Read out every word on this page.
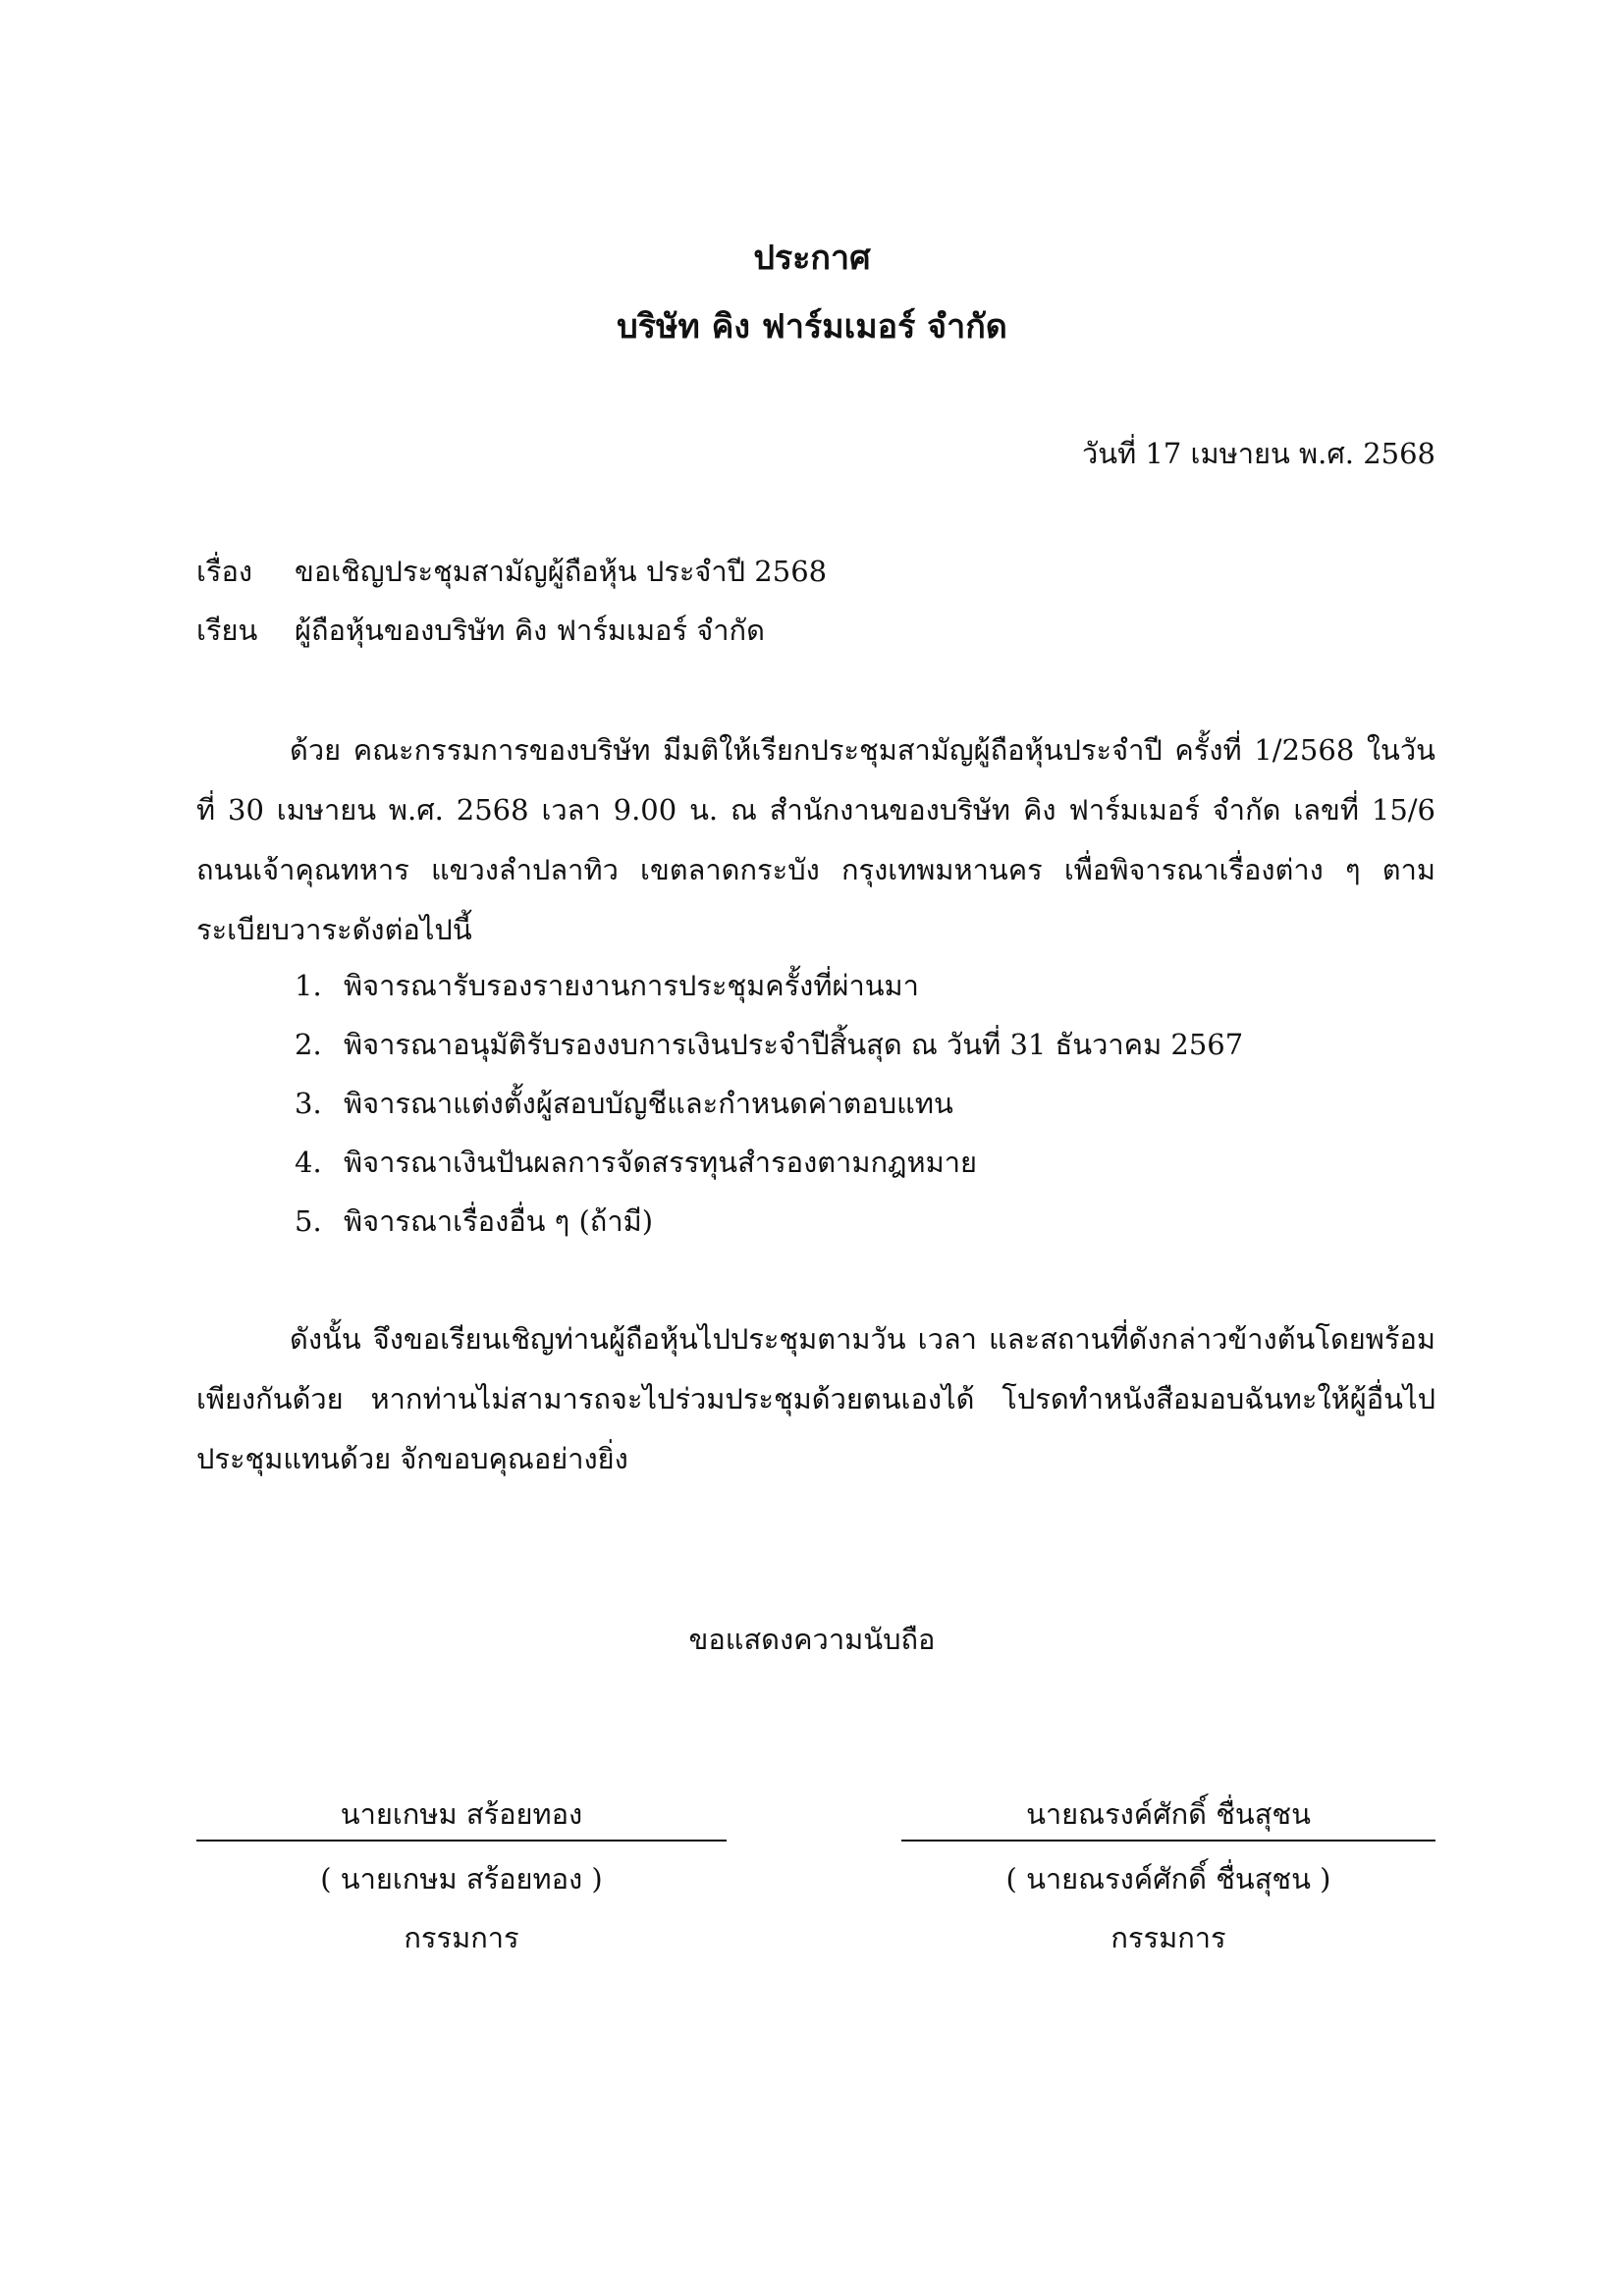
ประกาศ
บริษัท คิง ฟาร์มเมอร์ จำกัด
วันที่ 17 เมษายน พ.ศ. 2568
เรื่อง ขอเชิญประชุมสามัญผู้ถือหุ้น ประจำปี 2568
เรียน ผู้ถือหุ้นของบริษัท คิง ฟาร์มเมอร์ จำกัด
ด้วย คณะกรรมการของบริษัท มีมติให้เรียกประชุมสามัญผู้ถือหุ้นประจำปี ครั้งที่ 1/2568 ในวันที่ 30 เมษายน พ.ศ. 2568 เวลา 9.00 น. ณ สำนักงานของบริษัท คิง ฟาร์มเมอร์ จำกัด เลขที่ 15/6 ถนนเจ้าคุณทหาร แขวงลำปลาทิว เขตลาดกระบัง กรุงเทพมหานคร เพื่อพิจารณาเรื่องต่าง ๆ ตามระเบียบวาระดังต่อไปนี้
1. พิจารณารับรองรายงานการประชุมครั้งที่ผ่านมา
2. พิจารณาอนุมัติรับรองงบการเงินประจำปีสิ้นสุด ณ วันที่ 31 ธันวาคม 2567
3. พิจารณาแต่งตั้งผู้สอบบัญชีและกำหนดค่าตอบแทน
4. พิจารณาเงินปันผลการจัดสรรทุนสำรองตามกฎหมาย
5. พิจารณาเรื่องอื่น ๆ (ถ้ามี)
ดังนั้น จึงขอเรียนเชิญท่านผู้ถือหุ้นไปประชุมตามวัน เวลา และสถานที่ดังกล่าวข้างต้นโดยพร้อมเพียงกันด้วย หากท่านไม่สามารถจะไปร่วมประชุมด้วยตนเองได้ โปรดทำหนังสือมอบฉันทะให้ผู้อื่นไปประชุมแทนด้วย จักขอบคุณอย่างยิ่ง
ขอแสดงความนับถือ
นายเกษม สร้อยทอง
( นายเกษม สร้อยทอง )
กรรมการ
นายณรงค์ศักดิ์ ชื่นสุชน
( นายณรงค์ศักดิ์ ชื่นสุชน )
กรรมการ
